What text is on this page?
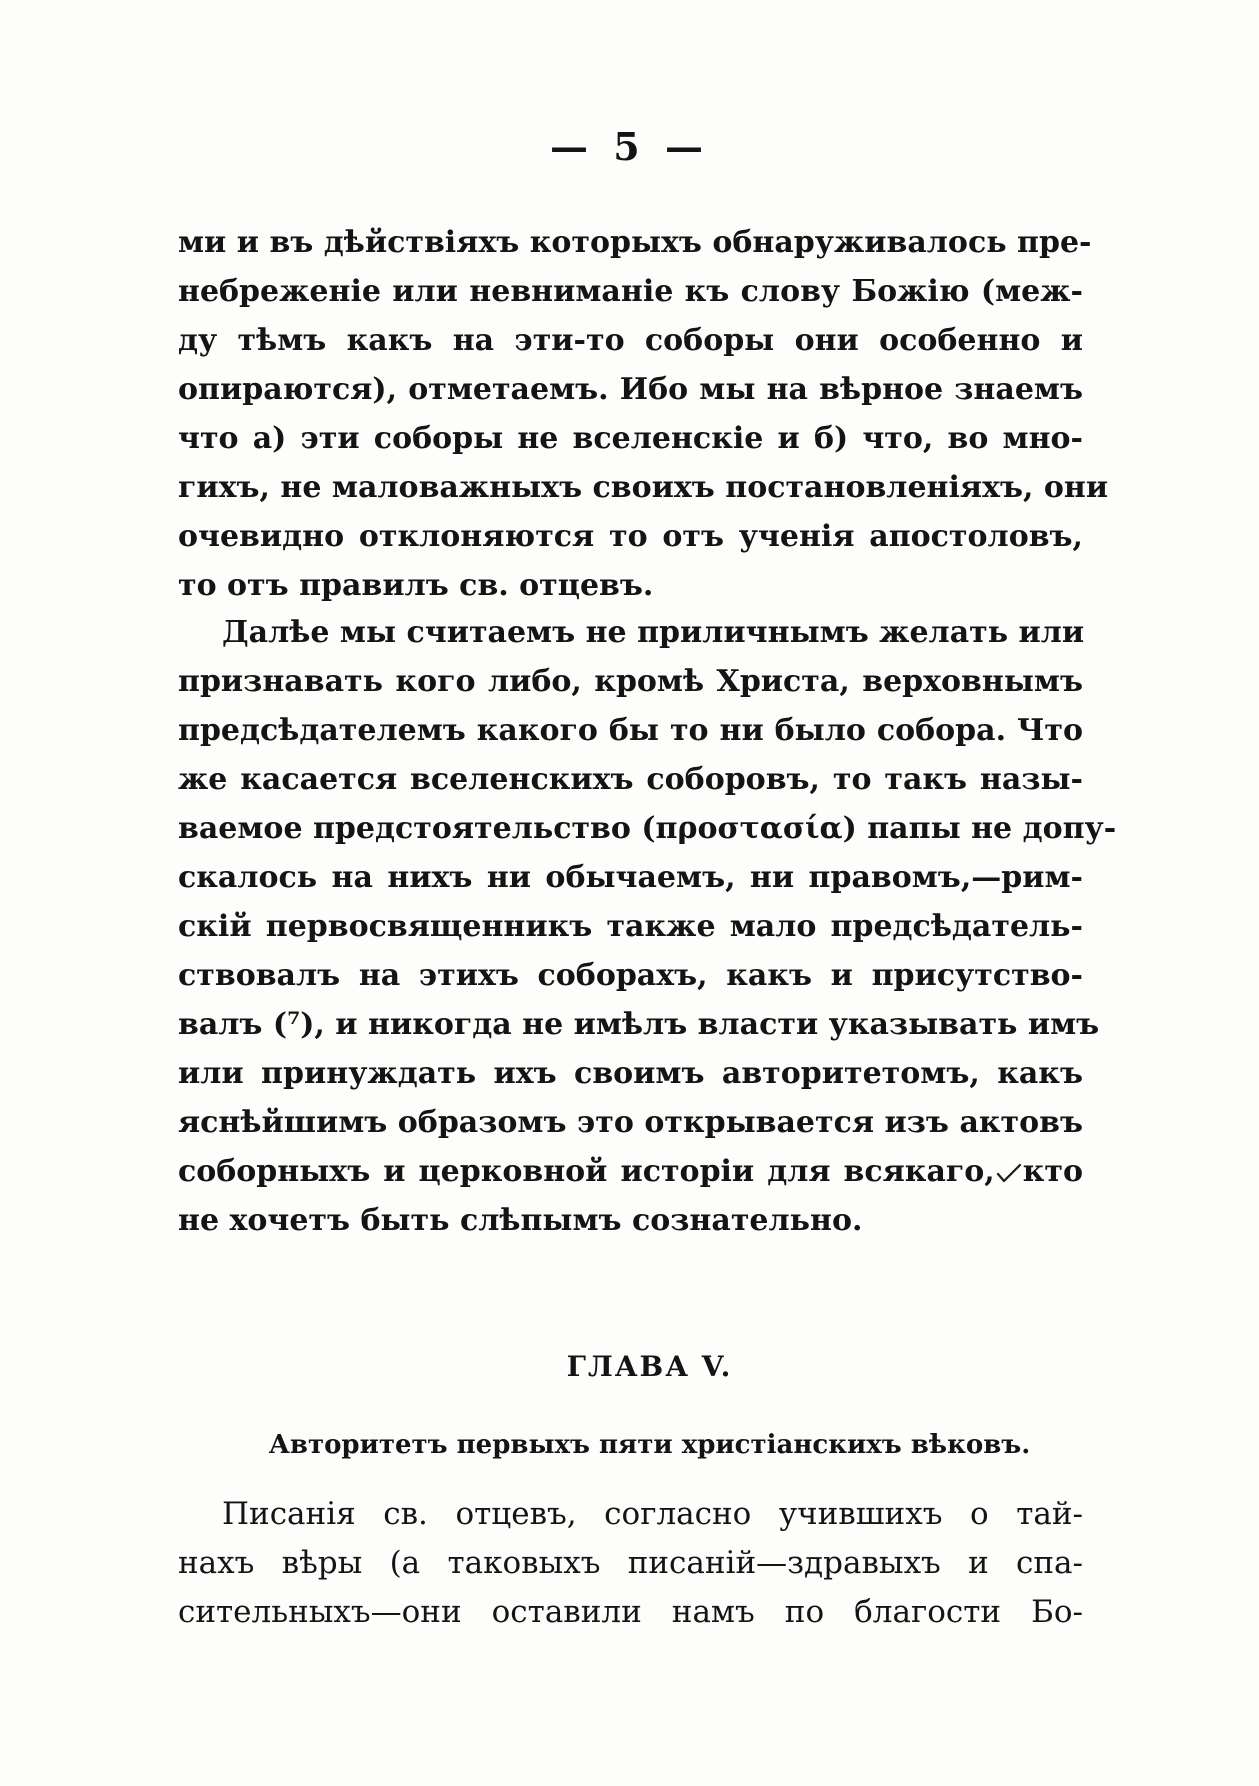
— 5 —
ми и въ дѣйствіяхъ которыхъ обнаруживалось пре-
небреженіе или невниманіе къ слову Божію (меж-
ду тѣмъ какъ на эти-то соборы они особенно и
опираются), отметаемъ. Ибо мы на вѣрное знаемъ
что а) эти соборы не вселенскіе и б) что, во мно-
гихъ, не маловажныхъ своихъ постановленіяхъ, они
очевидно отклоняются то отъ ученія апостоловъ,
то отъ правилъ св. отцевъ.
Далѣе мы считаемъ не приличнымъ желать или
признавать кого либо, кромѣ Христа, верховнымъ
предсѣдателемъ какого бы то ни было собора. Что
же касается вселенскихъ соборовъ, то такъ назы-
ваемое предстоятельство (προστασία) папы не допу-
скалось на нихъ ни обычаемъ, ни правомъ,—рим-
скій первосвященникъ также мало предсѣдатель-
ствовалъ на этихъ соборахъ, какъ и присутство-
валъ (⁷), и никогда не имѣлъ власти указывать имъ
или принуждать ихъ своимъ авторитетомъ, какъ
яснѣйшимъ образомъ это открывается изъ актовъ
соборныхъ и церковной исторіи для всякаго, кто
не хочетъ быть слѣпымъ сознательно.
ГЛАВА V.
Авторитетъ первыхъ пяти христіанскихъ вѣковъ.
Писанія св. отцевъ, согласно учившихъ о тай-
нахъ вѣры (а таковыхъ писаній—здравыхъ и спа-
сительныхъ—они оставили намъ по благости Бо-
